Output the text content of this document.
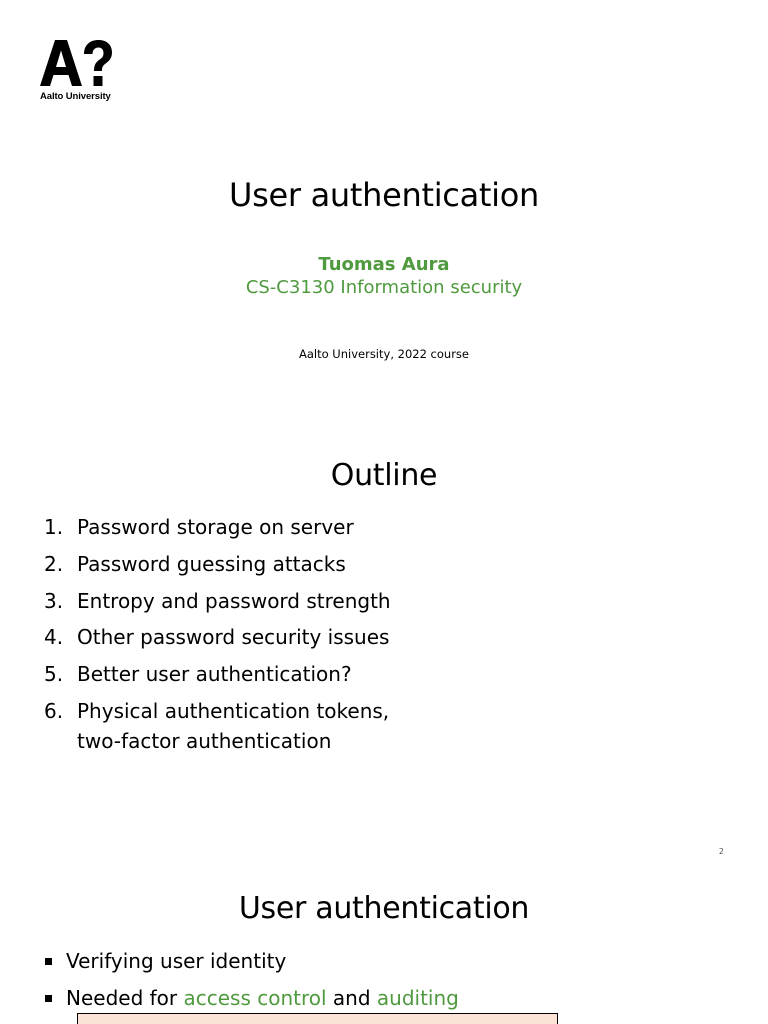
Aalto University
User authentication
Tuomas Aura
CS-C3130 Information security
Aalto University, 2022 course
Outline
1. Password storage on server
2. Password guessing attacks
3. Entropy and password strength
4. Other password security issues
5. Better user authentication?
6. Physical authentication tokens,
two-factor authentication
2
User authentication
Verifying user identity
Needed for access control and auditing
